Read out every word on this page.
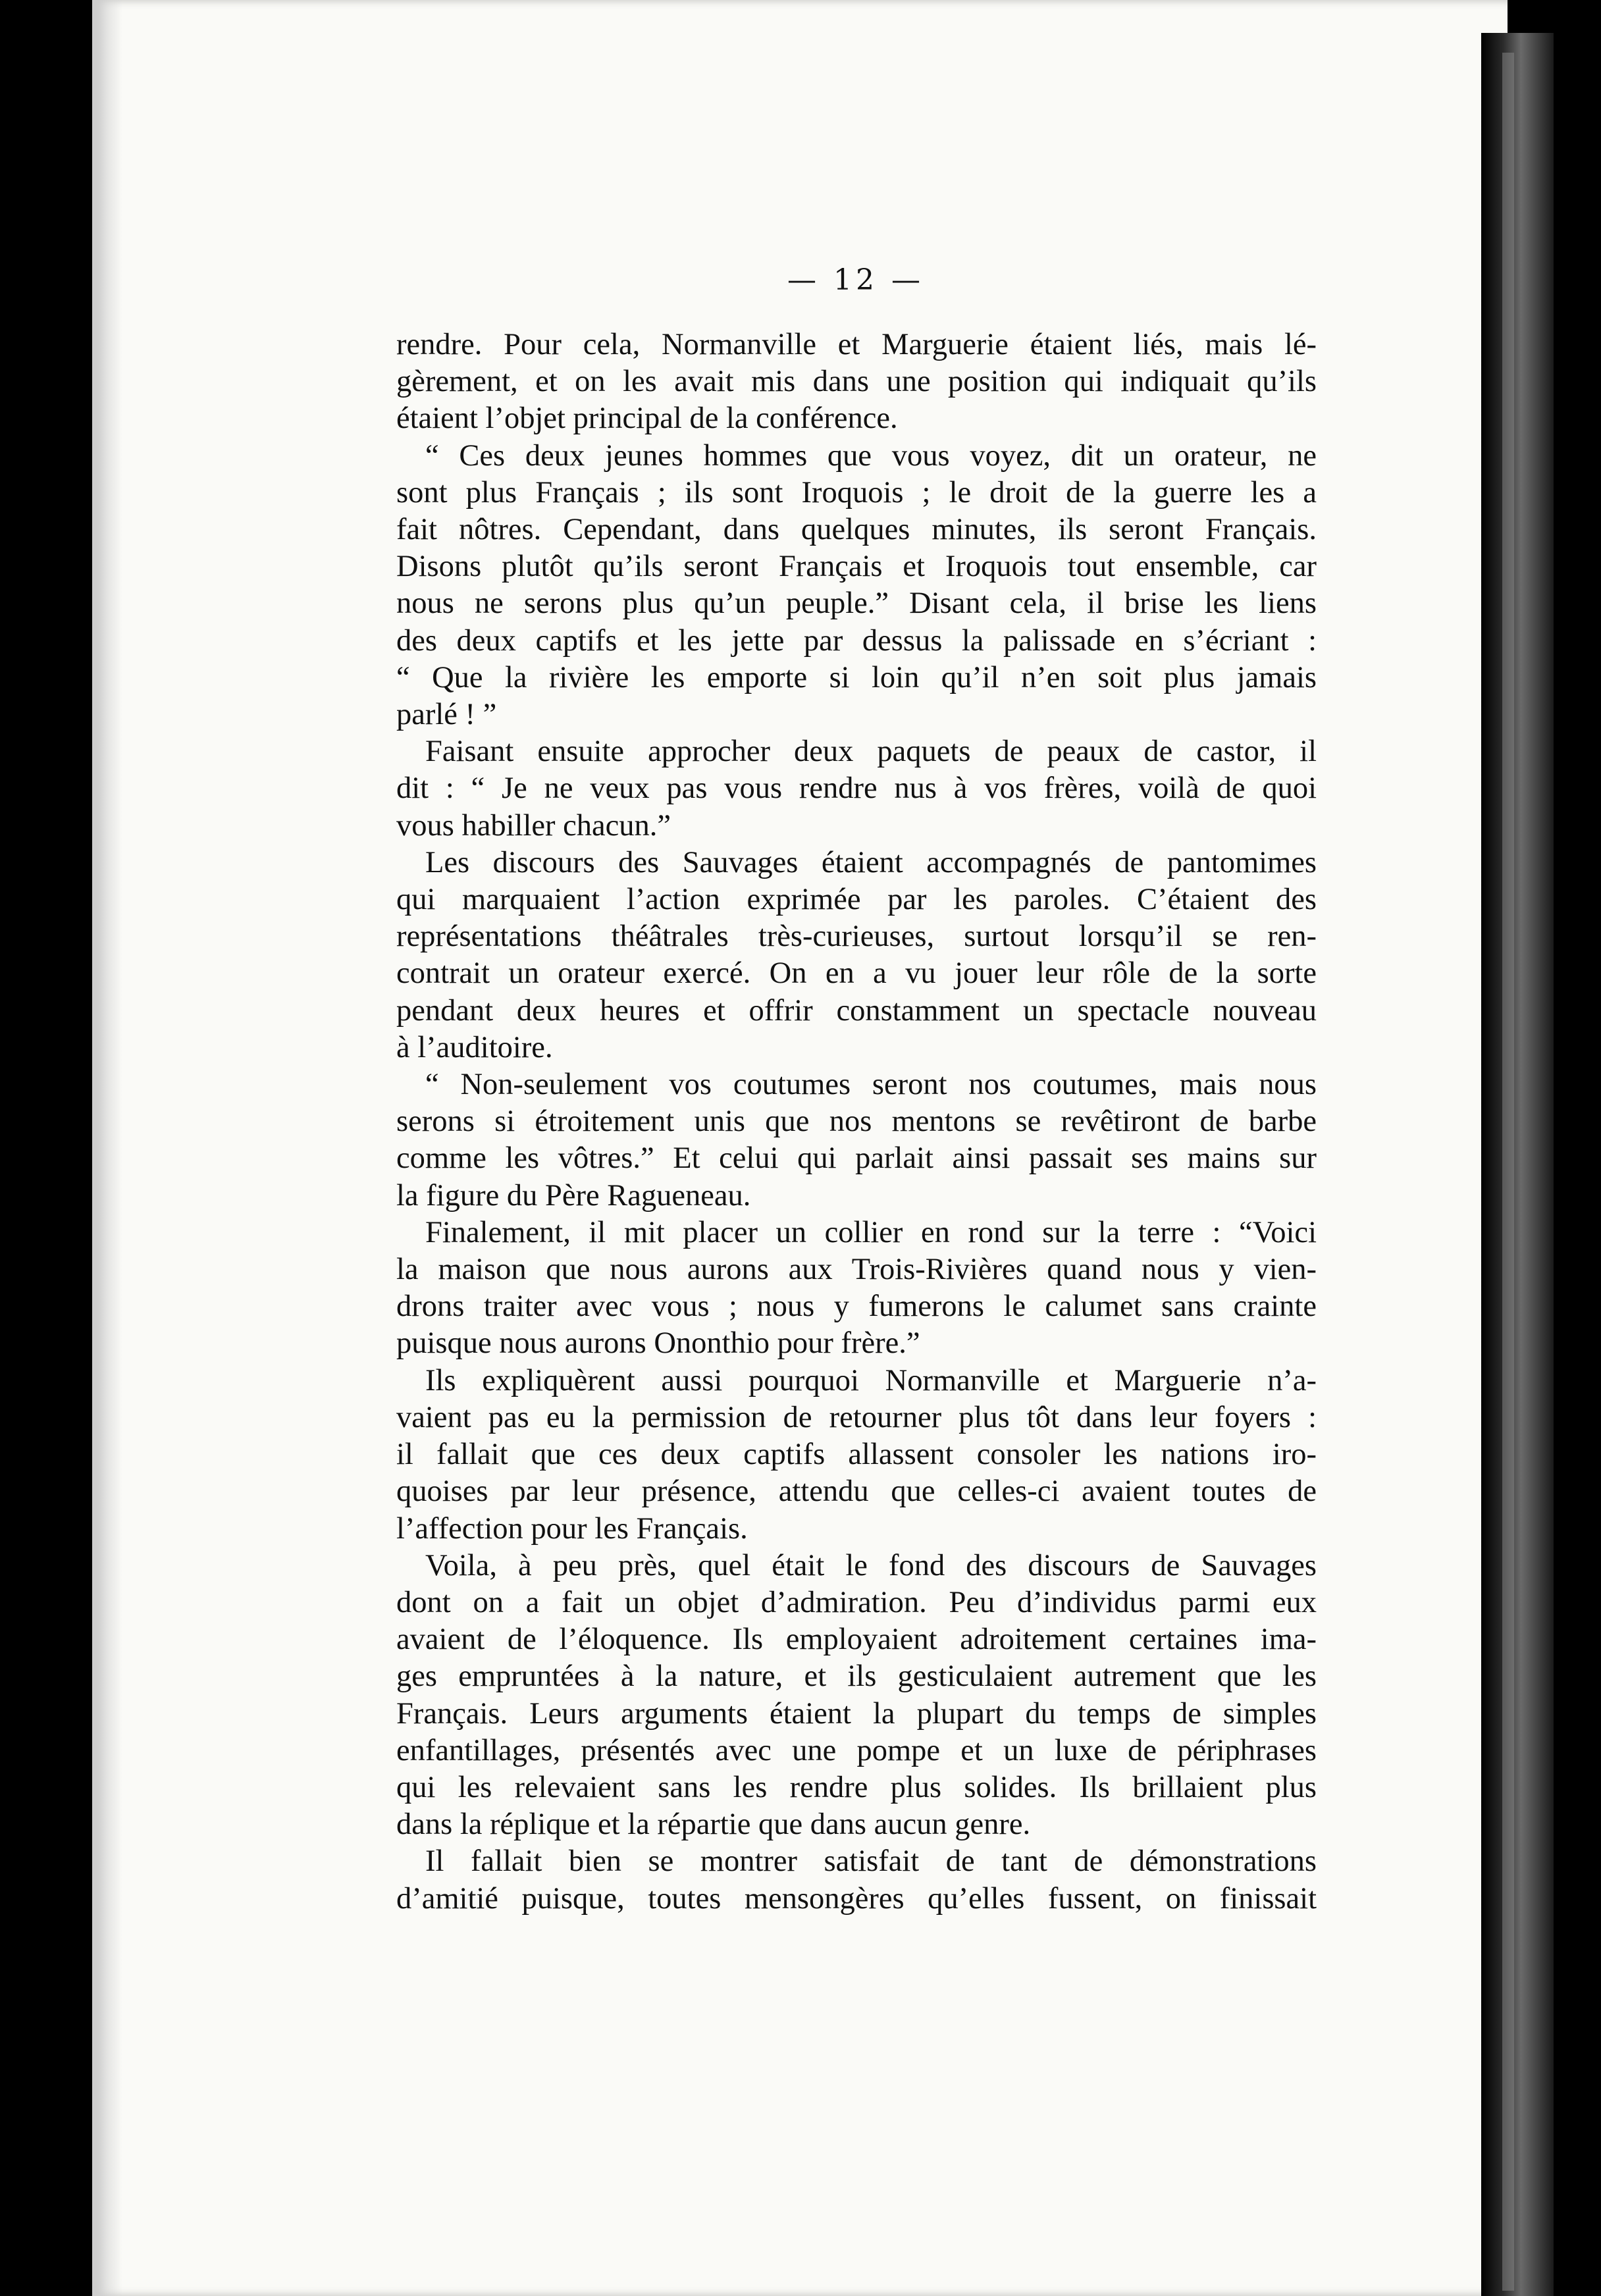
— 12 —

rendre. Pour cela, Normanville et Marguerie étaient liés, mais lé-
gèrement, et on les avait mis dans une position qui indiquait qu’ils
étaient l’objet principal de la conférence.

“ Ces deux jeunes hommes que vous voyez, dit un orateur, ne
sont plus Français ; ils sont Iroquois ; le droit de la guerre les a
fait nôtres. Cependant, dans quelques minutes, ils seront Français.
Disons plutôt qu’ils seront Français et Iroquois tout ensemble, car
nous ne serons plus qu’un peuple.” Disant cela, il brise les liens
des deux captifs et les jette par dessus la palissade en s’écriant :
“ Que la rivière les emporte si loin qu’il n’en soit plus jamais
parlé ! ”

Faisant ensuite approcher deux paquets de peaux de castor, il
dit : “ Je ne veux pas vous rendre nus à vos frères, voilà de quoi
vous habiller chacun.”

Les discours des Sauvages étaient accompagnés de pantomimes
qui marquaient l’action exprimée par les paroles. C’étaient des
représentations théâtrales très-curieuses, surtout lorsqu’il se ren-
contrait un orateur exercé. On en a vu jouer leur rôle de la sorte
pendant deux heures et offrir constamment un spectacle nouveau
à l’auditoire.

“ Non-seulement vos coutumes seront nos coutumes, mais nous
serons si étroitement unis que nos mentons se revêtiront de barbe
comme les vôtres.” Et celui qui parlait ainsi passait ses mains sur
la figure du Père Ragueneau.

Finalement, il mit placer un collier en rond sur la terre : “Voici
la maison que nous aurons aux Trois-Rivières quand nous y vien-
drons traiter avec vous ; nous y fumerons le calumet sans crainte
puisque nous aurons Ononthio pour frère.”

Ils expliquèrent aussi pourquoi Normanville et Marguerie n’a-
vaient pas eu la permission de retourner plus tôt dans leur foyers :
il fallait que ces deux captifs allassent consoler les nations iro-
quoises par leur présence, attendu que celles-ci avaient toutes de
l’affection pour les Français.

Voila, à peu près, quel était le fond des discours de Sauvages
dont on a fait un objet d’admiration. Peu d’individus parmi eux
avaient de l’éloquence. Ils employaient adroitement certaines ima-
ges empruntées à la nature, et ils gesticulaient autrement que les
Français. Leurs arguments étaient la plupart du temps de simples
enfantillages, présentés avec une pompe et un luxe de périphrases
qui les relevaient sans les rendre plus solides. Ils brillaient plus
dans la réplique et la répartie que dans aucun genre.

Il fallait bien se montrer satisfait de tant de démonstrations
d’amitié puisque, toutes mensongères qu’elles fussent, on finissait
